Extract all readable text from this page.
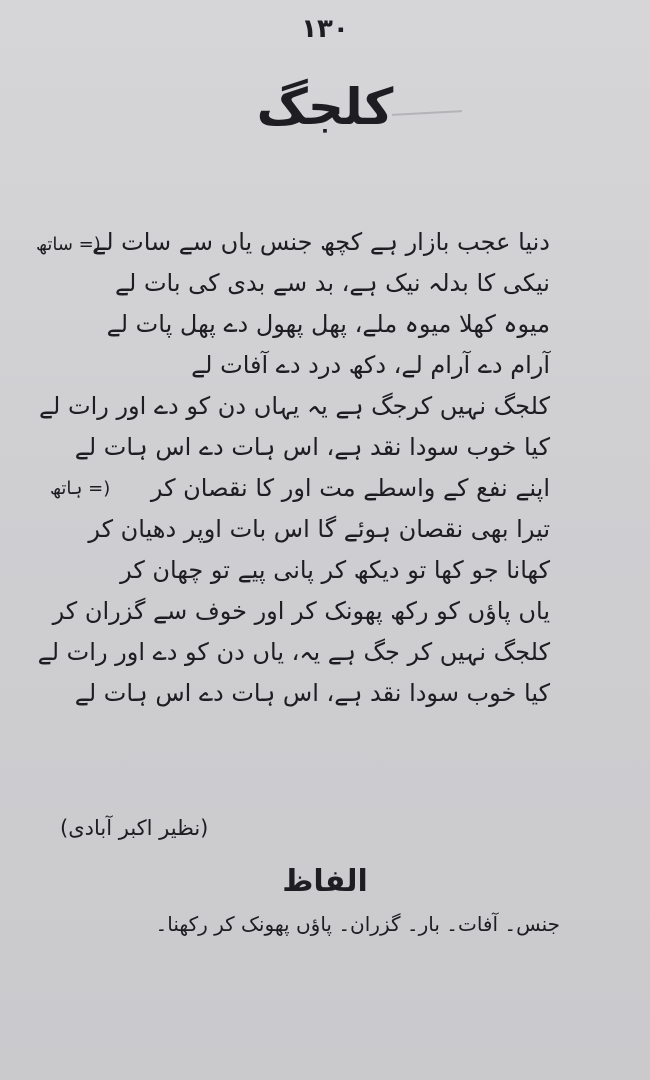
١٣٠
کلجگ
(= ساتھ
(= ہاتھ
دنیا عجب بازار ہے کچھ جنس یاں سے سات لے
نیکی کا بدلہ نیک ہے، بد سے بدی کی بات لے
میوہ کھلا میوہ ملے، پھل پھول دے پھل پات لے
آرام دے آرام لے، دکھ درد دے آفات لے
کلجگ نہیں کرجگ ہے یہ یہاں دن کو دے اور رات لے
کیا خوب سودا نقد ہے، اس ہات دے اس ہات لے
اپنے نفع کے واسطے مت اور کا نقصان کر
تیرا بھی نقصان ہوئے گا اس بات اوپر دھیان کر
کھانا جو کھا تو دیکھ کر پانی پیے تو چھان کر
یاں پاؤں کو رکھ پھونک کر اور خوف سے گزران کر
کلجگ نہیں کر جگ ہے یہ، یاں دن کو دے اور رات لے
کیا خوب سودا نقد ہے، اس ہات دے اس ہات لے
(نظیر اکبر آبادی)
الفاظ
جنس۔ آفات۔ بار۔ گزران۔ پاؤں پھونک کر رکھنا۔
